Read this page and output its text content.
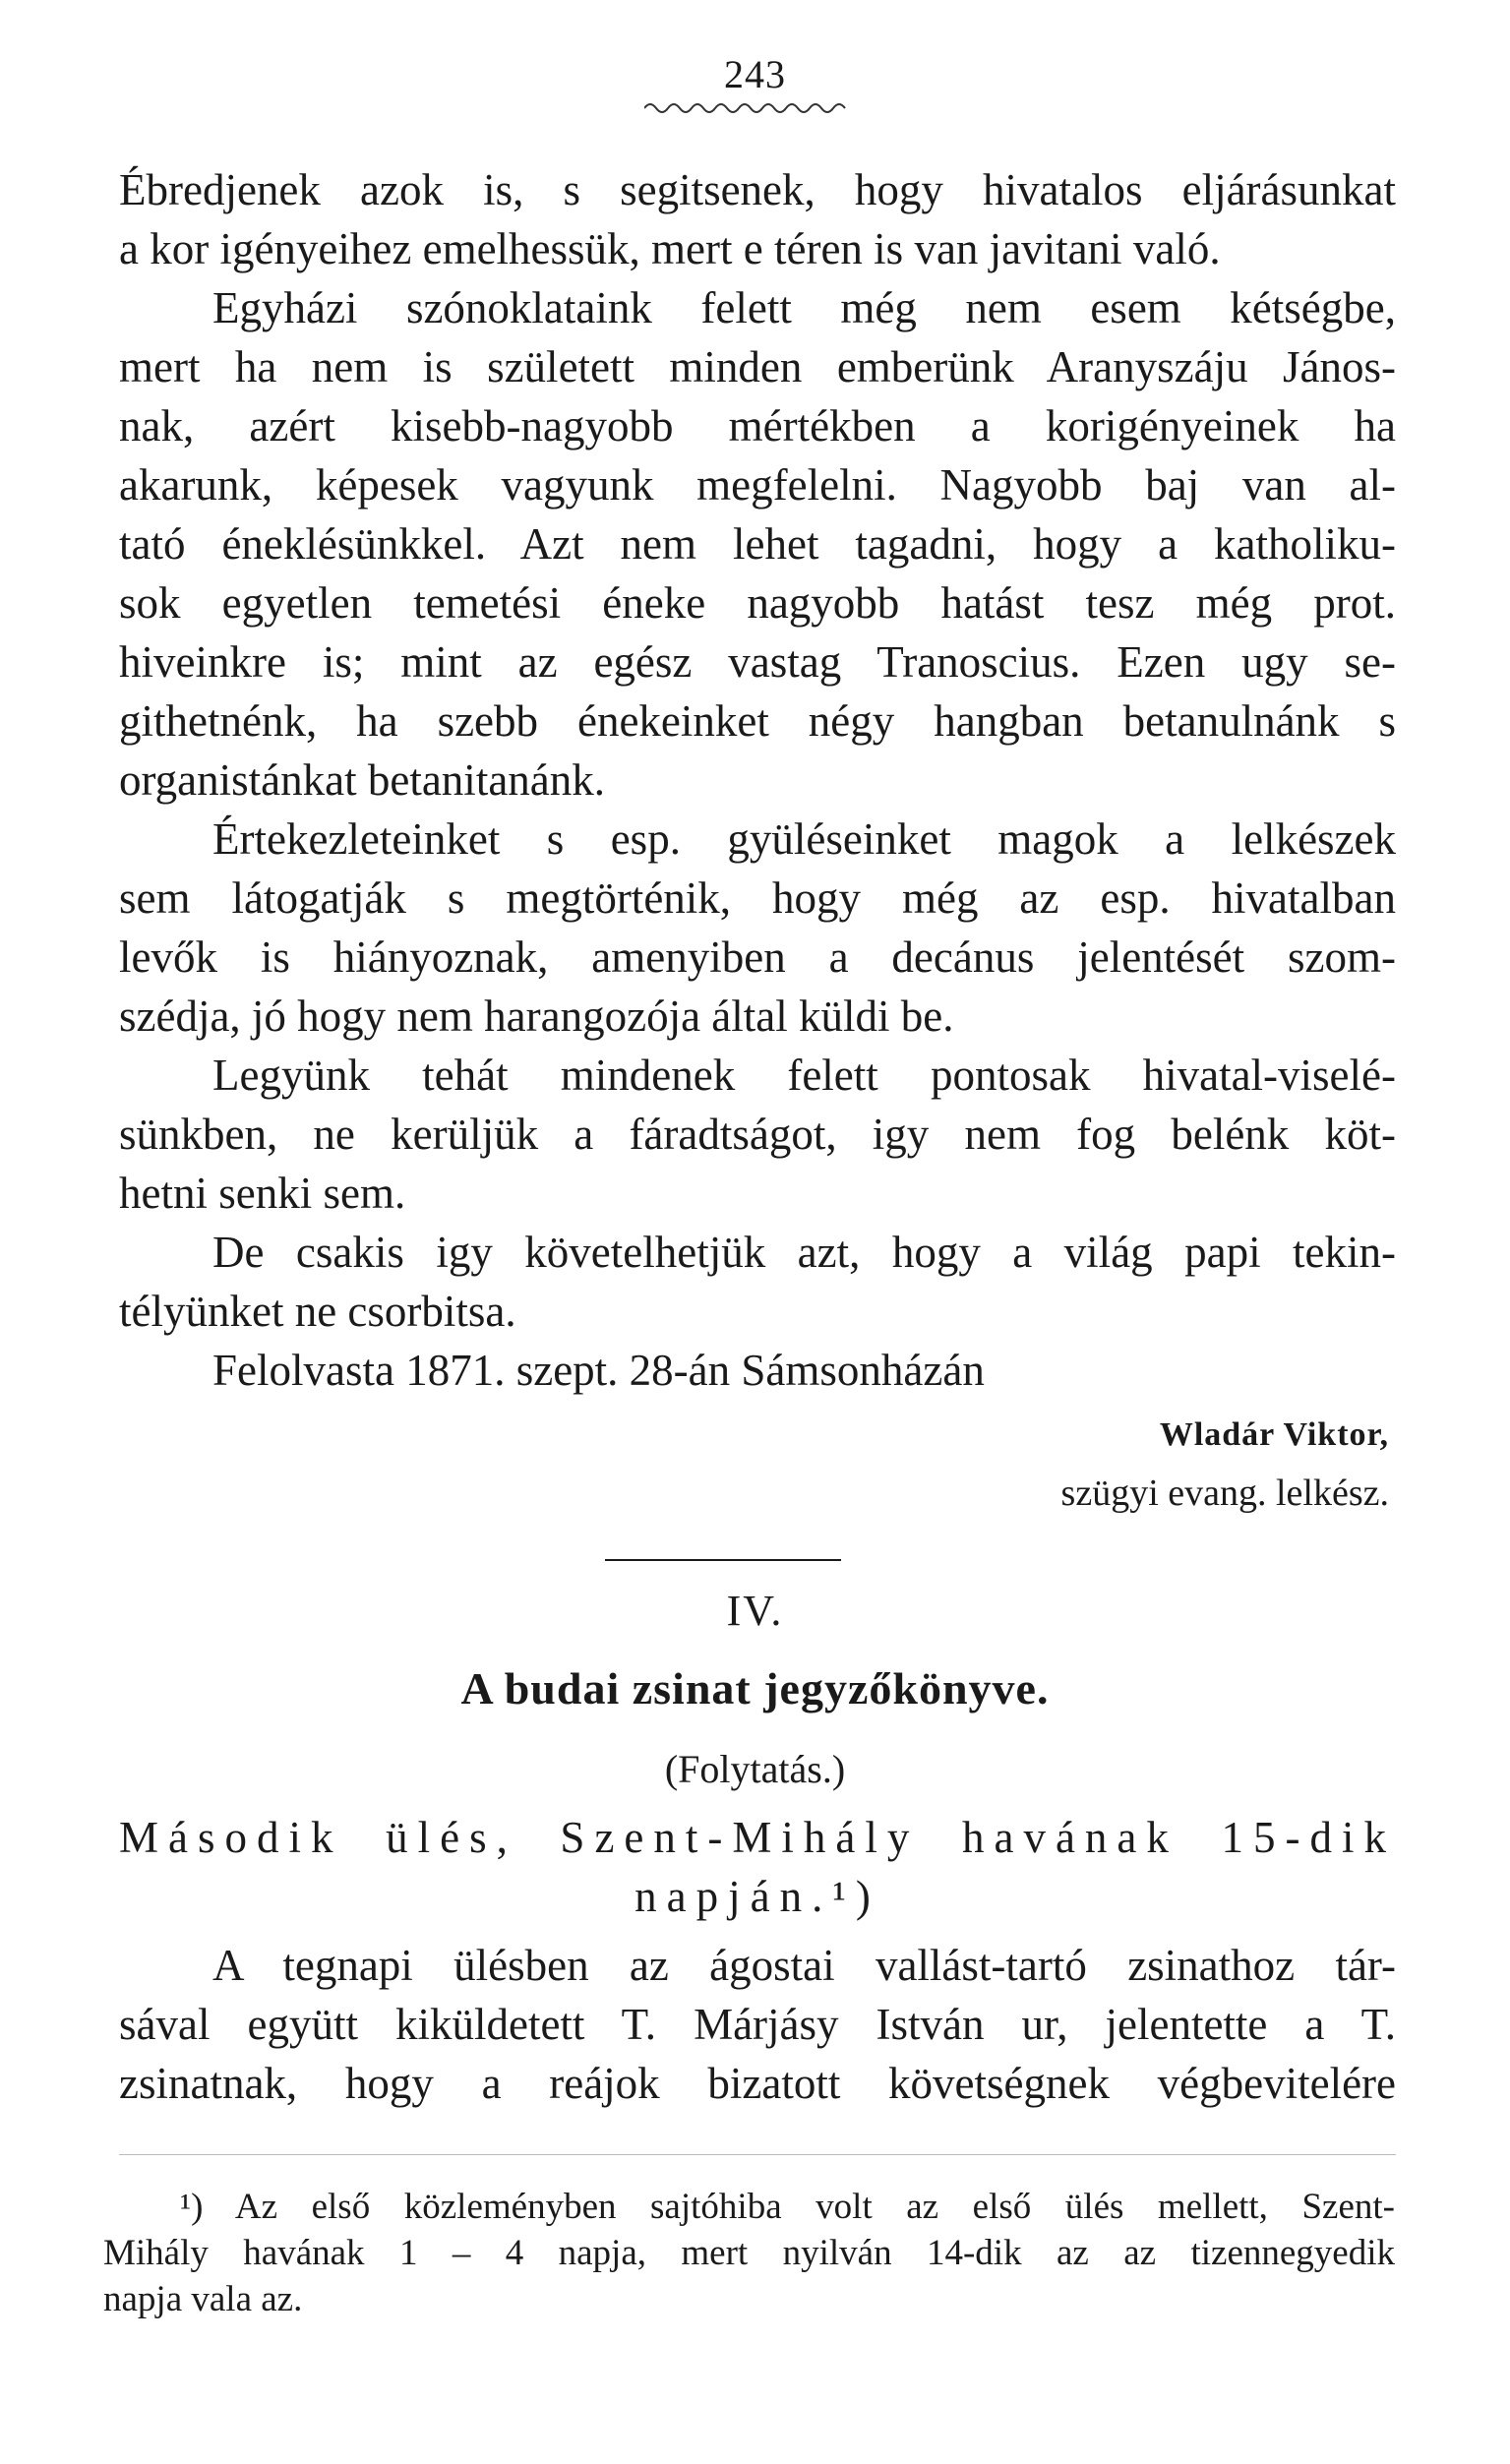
243
Ébredjenek azok is, s segitsenek, hogy hivatalos eljárásunkat
a kor igényeihez emelhessük, mert e téren is van javitani való.
Egyházi szónoklataink felett még nem esem kétségbe,
mert ha nem is született minden emberünk Aranyszáju János-
nak, azért kisebb-nagyobb mértékben a korigényeinek ha
akarunk, képesek vagyunk megfelelni. Nagyobb baj van al-
tató éneklésünkkel. Azt nem lehet tagadni, hogy a katholiku-
sok egyetlen temetési éneke nagyobb hatást tesz még prot.
hiveinkre is; mint az egész vastag Tranoscius. Ezen ugy se-
githetnénk, ha szebb énekeinket négy hangban betanulnánk s
organistánkat betanitanánk.
Értekezleteinket s esp. gyüléseinket magok a lelkészek
sem látogatják s megtörténik, hogy még az esp. hivatalban
levők is hiányoznak, amenyiben a decánus jelentését szom-
szédja, jó hogy nem harangozója által küldi be.
Legyünk tehát mindenek felett pontosak hivatal-viselé-
sünkben, ne kerüljük a fáradtságot, igy nem fog belénk köt-
hetni senki sem.
De csakis igy követelhetjük azt, hogy a világ papi tekin-
télyünket ne csorbitsa.
Felolvasta 1871. szept. 28-án Sámsonházán
Wladár Viktor,
szügyi evang. lelkész.
IV.
A budai zsinat jegyzőkönyve.
(Folytatás.)
Második ülés, Szent-Mihály havának 15-dik
napján.¹)
A tegnapi ülésben az ágostai vallást-tartó zsinathoz tár-
sával együtt kiküldetett T. Márjásy István ur, jelentette a T.
zsinatnak, hogy a reájok bizatott követségnek végbevitelére
¹) Az első közleményben sajtóhiba volt az első ülés mellett, Szent-
Mihály havának 1 – 4 napja, mert nyilván 14-dik az az tizennegyedik
napja vala az.
